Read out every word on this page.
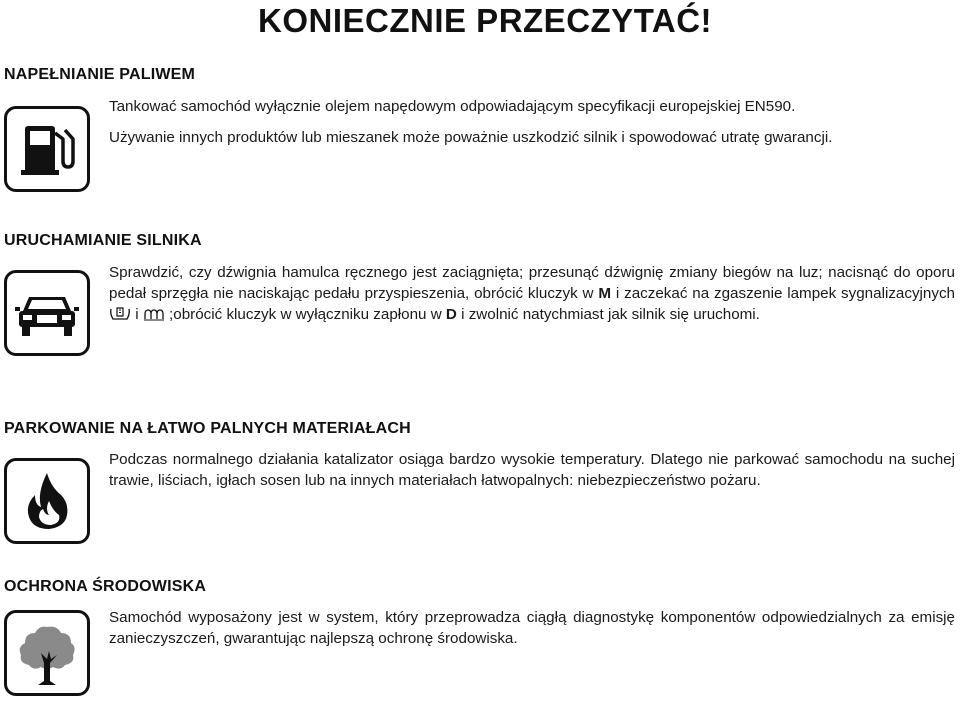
KONIECZNIE PRZECZYTAĆ!
NAPEŁNIANIE PALIWEM

Tankować samochód wyłącznie olejem napędowym odpowiadającym specyfikacji europejskiej EN590.

Używanie innych produktów lub mieszanek może poważnie uszkodzić silnik i spowodować utratę gwarancji.

URUCHAMIANIE SILNIKA

Sprawdzić, czy dźwignia hamulca ręcznego jest zaciągnięta; przesunąć dźwignię zmiany biegów na luz; nacisnąć do oporu pedał sprzęgła nie naciskając pedału przyspieszenia, obrócić kluczyk w M i zaczekać na zgaszenie lampek sygnalizacyjnych  i  ;obrócić kluczyk w wyłączniku zapłonu w D i zwolnić natychmiast jak silnik się uruchomi.

PARKOWANIE NA ŁATWO PALNYCH MATERIAŁACH

Podczas normalnego działania katalizator osiąga bardzo wysokie temperatury. Dlatego nie parkować samochodu na suchej trawie, liściach, igłach sosen lub na innych materiałach łatwopalnych: niebezpieczeństwo pożaru.

OCHRONA ŚRODOWISKA

Samochód wyposażony jest w system, który przeprowadza ciągłą diagnostykę komponentów odpowiedzialnych za emisję zanieczyszczeń, gwarantując najlepszą ochronę środowiska.
